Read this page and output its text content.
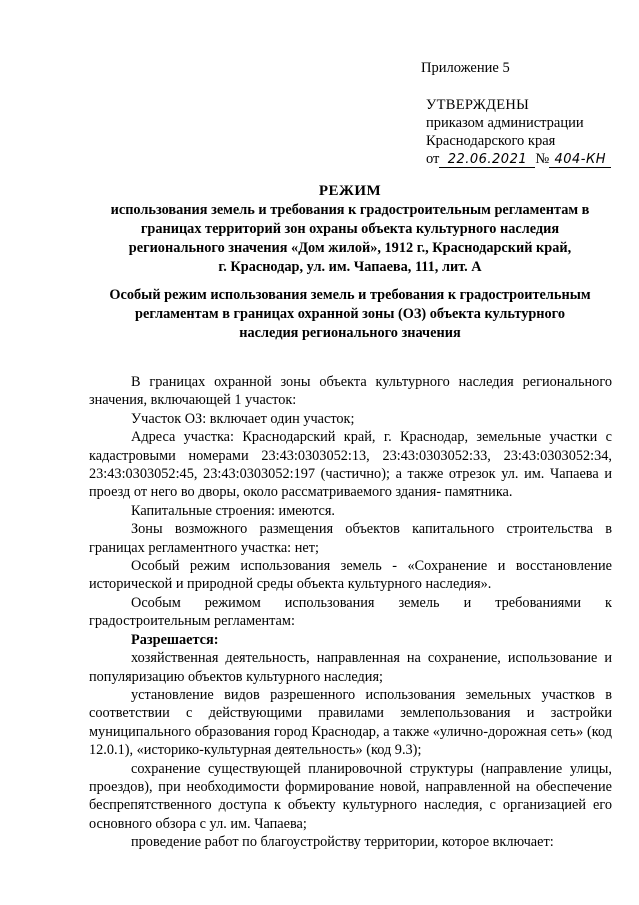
Приложение 5
УТВЕРЖДЕНЫ
приказом администрации
Краснодарского края
от 22.06.2021 № 404-КН
РЕЖИМ
использования земель и требования к градостроительным регламентам в
границах территорий зон охраны объекта культурного наследия
регионального значения «Дом жилой», 1912 г., Краснодарский край,
г. Краснодар, ул. им. Чапаева, 111, лит. А
Особый режим использования земель и требования к градостроительным
регламентам в границах охранной зоны (ОЗ) объекта культурного
наследия регионального значения

В границах охранной зоны объекта культурного наследия регионального значения, включающей 1 участок:

Участок ОЗ: включает один участок;

Адреса участка: Краснодарский край, г. Краснодар, земельные участки с кадастровыми номерами 23:43:0303052:13, 23:43:0303052:33, 23:43:0303052:34, 23:43:0303052:45, 23:43:0303052:197 (частично); а также отрезок ул. им. Чапаева и проезд от него во дворы, около рассматриваемого здания- памятника.

Капитальные строения: имеются.

Зоны возможного размещения объектов капитального строительства в границах регламентного участка: нет;

Особый режим использования земель - «Сохранение и восстановление исторической и природной среды объекта культурного наследия».

Особым режимом использования земель и требованиями к градостроительным регламентам:

Разрешается:

хозяйственная деятельность, направленная на сохранение, использование и популяризацию объектов культурного наследия;

установление видов разрешенного использования земельных участков в соответствии с действующими правилами землепользования и застройки муниципального образования город Краснодар, а также «улично-дорожная сеть» (код 12.0.1), «историко-культурная деятельность» (код 9.3);

сохранение существующей планировочной структуры (направление улицы, проездов), при необходимости формирование новой, направленной на обеспечение беспрепятственного доступа к объекту культурного наследия, с организацией его основного обзора с ул. им. Чапаева;

проведение работ по благоустройству территории, которое включает:
